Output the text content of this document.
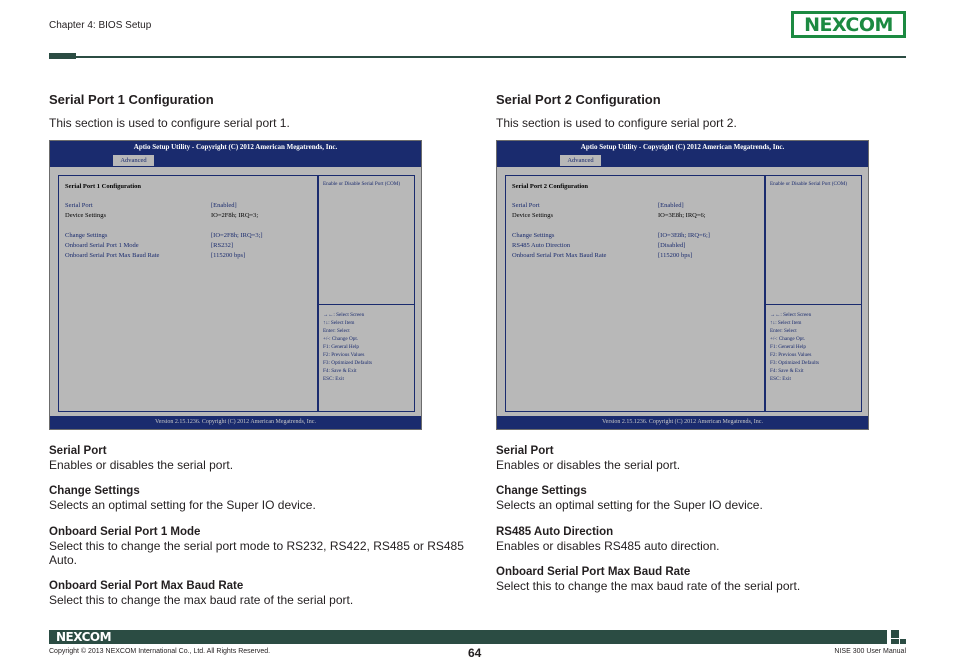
Chapter 4: BIOS Setup	NEXCOM
Serial Port 1 Configuration
This section is used to configure serial port 1.
Aptio Setup Utility - Copyright (C) 2012 American Megatrends, Inc.
Advanced
Serial Port 1 Configuration
Serial Port	[Enabled]
Device Settings	IO=2F8h; IRQ=3;
Change Settings	[IO=2F8h; IRQ=3;]
Onboard Serial Port 1 Mode	[RS232]
Onboard Serial Port Max Baud Rate	[115200 bps]
Enable or Disable Serial Port (COM)
→←: Select Screen
↑↓: Select Item
Enter: Select
+/-: Change Opt.
F1: General Help
F2: Previous Values
F3: Optimized Defaults
F4: Save & Exit
ESC: Exit
Version 2.15.1236. Copyright (C) 2012 American Megatrends, Inc.
Serial Port
Enables or disables the serial port.
Change Settings
Selects an optimal setting for the Super IO device.
Onboard Serial Port 1 Mode
Select this to change the serial port mode to RS232, RS422, RS485 or RS485 Auto.
Onboard Serial Port Max Baud Rate
Select this to change the max baud rate of the serial port.
Serial Port 2 Configuration
This section is used to configure serial port 2.
Aptio Setup Utility - Copyright (C) 2012 American Megatrends, Inc.
Advanced
Serial Port 2 Configuration
Serial Port	[Enabled]
Device Settings	IO=3E8h; IRQ=6;
Change Settings	[IO=3E8h; IRQ=6;]
RS485 Auto Direction	[Disabled]
Onboard Serial Port Max Baud Rate	[115200 bps]
Enable or Disable Serial Port (COM)
→←: Select Screen
↑↓: Select Item
Enter: Select
+/-: Change Opt.
F1: General Help
F2: Previous Values
F3: Optimized Defaults
F4: Save & Exit
ESC: Exit
Version 2.15.1236. Copyright (C) 2012 American Megatrends, Inc.
Serial Port
Enables or disables the serial port.
Change Settings
Selects an optimal setting for the Super IO device.
RS485 Auto Direction
Enables or disables RS485 auto direction.
Onboard Serial Port Max Baud Rate
Select this to change the max baud rate of the serial port.
NEXCOM
Copyright © 2013 NEXCOM International Co., Ltd. All Rights Reserved.	64	NISE 300 User Manual
